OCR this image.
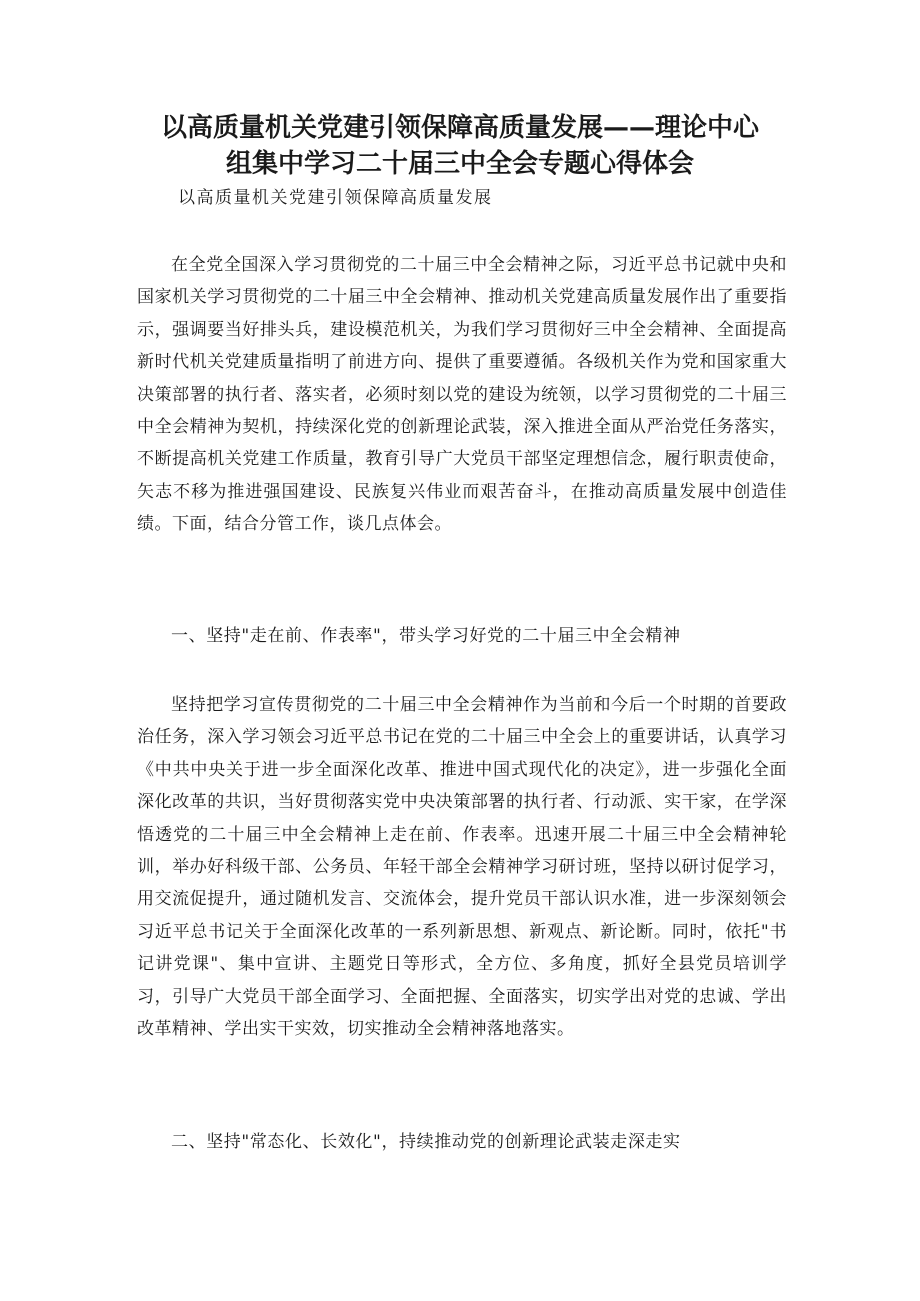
以高质量机关党建引领保障高质量发展——理论中心
组集中学习二十届三中全会专题心得体会

以高质量机关党建引领保障高质量发展

在全党全国深入学习贯彻党的二十届三中全会精神之际，习近平总书记就中央和国家机关学习贯彻党的二十届三中全会精神、推动机关党建高质量发展作出了重要指示，强调要当好排头兵，建设模范机关，为我们学习贯彻好三中全会精神、全面提高新时代机关党建质量指明了前进方向、提供了重要遵循。各级机关作为党和国家重大决策部署的执行者、落实者，必须时刻以党的建设为统领，以学习贯彻党的二十届三中全会精神为契机，持续深化党的创新理论武装，深入推进全面从严治党任务落实，不断提高机关党建工作质量，教育引导广大党员干部坚定理想信念，履行职责使命，矢志不移为推进强国建设、民族复兴伟业而艰苦奋斗，在推动高质量发展中创造佳绩。下面，结合分管工作，谈几点体会。

一、坚持"走在前、作表率"，带头学习好党的二十届三中全会精神

坚持把学习宣传贯彻党的二十届三中全会精神作为当前和今后一个时期的首要政治任务，深入学习领会习近平总书记在党的二十届三中全会上的重要讲话，认真学习《中共中央关于进一步全面深化改革、推进中国式现代化的决定》，进一步强化全面深化改革的共识，当好贯彻落实党中央决策部署的执行者、行动派、实干家，在学深悟透党的二十届三中全会精神上走在前、作表率。迅速开展二十届三中全会精神轮训，举办好科级干部、公务员、年轻干部全会精神学习研讨班，坚持以研讨促学习，用交流促提升，通过随机发言、交流体会，提升党员干部认识水准，进一步深刻领会习近平总书记关于全面深化改革的一系列新思想、新观点、新论断。同时，依托"书记讲党课"、集中宣讲、主题党日等形式，全方位、多角度，抓好全县党员培训学习，引导广大党员干部全面学习、全面把握、全面落实，切实学出对党的忠诚、学出改革精神、学出实干实效，切实推动全会精神落地落实。

二、坚持"常态化、长效化"，持续推动党的创新理论武装走深走实
